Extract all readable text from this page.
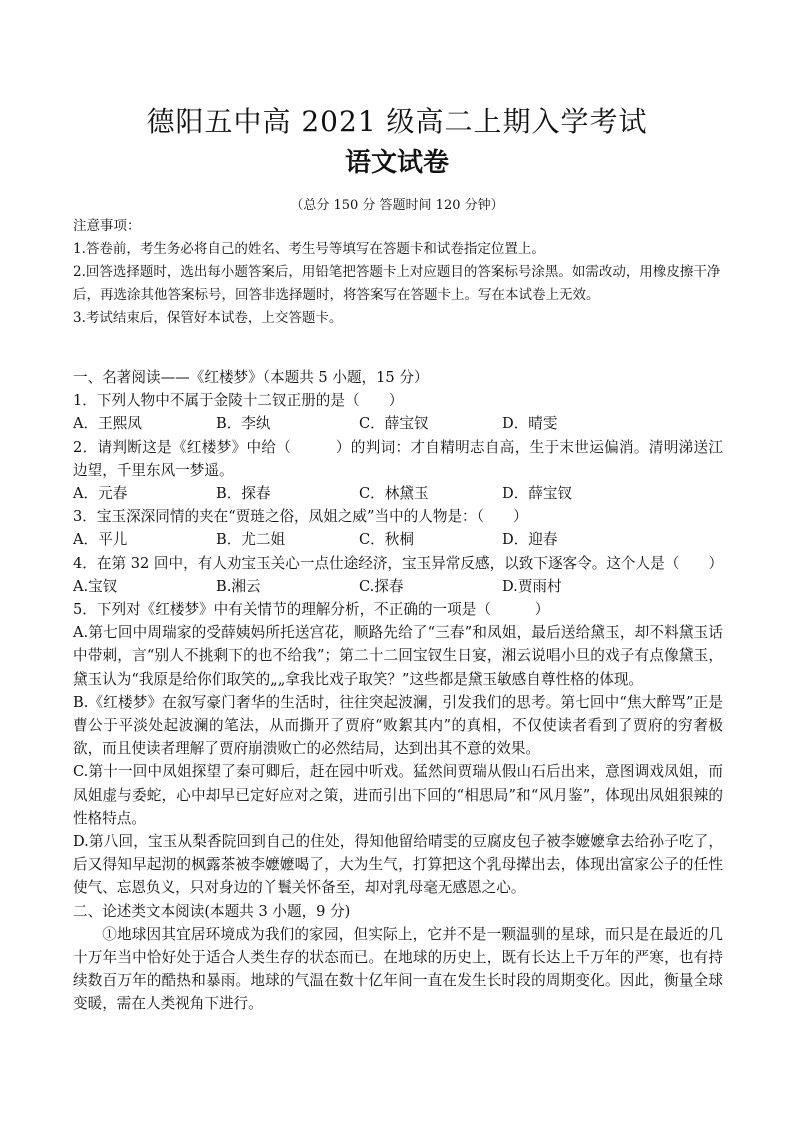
德阳五中高 2021 级高二上期入学考试
语文试卷
（总分 150 分 答题时间 120 分钟）
注意事项：
1.答卷前，考生务必将自己的姓名、考生号等填写在答题卡和试卷指定位置上。
2.回答选择题时，选出每小题答案后，用铅笔把答题卡上对应题目的答案标号涂黑。如需改动，用橡皮擦干净后，再选涂其他答案标号，回答非选择题时，将答案写在答题卡上。写在本试卷上无效。
3.考试结束后，保管好本试卷，上交答题卡。
一、名著阅读——《红楼梦》（本题共 5 小题，15 分）
1．下列人物中不属于金陵十二钗正册的是（　　）
A．王熙凤	B．李纨	C．薛宝钗	D．晴雯
2．请判断这是《红楼梦》中给（　　　）的判词：才自精明志自高，生于末世运偏消。清明涕送江边望，千里东风一梦遥。
A．元春	B．探春	C．林黛玉	D．薛宝钗
3．宝玉深深同情的夹在“贾琏之俗，凤姐之威”当中的人物是：（　　）
A．平儿	B．尤二姐	C．秋桐	D．迎春
4．在第 32 回中，有人劝宝玉关心一点仕途经济，宝玉异常反感，以致下逐客令。这个人是（　　）
A.宝钗	B.湘云	C.探春	D.贾雨村
5．下列对《红楼梦》中有关情节的理解分析，不正确的一项是（　　　）
A.第七回中周瑞家的受薛姨妈所托送宫花，顺路先给了“三春”和凤姐，最后送给黛玉，却不料黛玉话中带刺，言“别人不挑剩下的也不给我”；第二十二回宝钗生日宴，湘云说唱小旦的戏子有点像黛玉，黛玉认为“我原是给你们取笑的„„拿我比戏子取笑？”这些都是黛玉敏感自尊性格的体现。
B.《红楼梦》在叙写豪门奢华的生活时，往往突起波澜，引发我们的思考。第七回中“焦大醉骂”正是曹公于平淡处起波澜的笔法，从而撕开了贾府“败絮其内”的真相，不仅使读者看到了贾府的穷奢极欲，而且使读者理解了贾府崩溃败亡的必然结局，达到出其不意的效果。
C.第十一回中凤姐探望了秦可卿后，赶在园中听戏。猛然间贾瑞从假山石后出来，意图调戏凤姐，而凤姐虚与委蛇，心中却早已定好应对之策，进而引出下回的“相思局”和“风月鉴”，体现出凤姐狠辣的性格特点。
D.第八回，宝玉从梨香院回到自己的住处，得知他留给晴雯的豆腐皮包子被李嬷嬷拿去给孙子吃了，后又得知早起沏的枫露茶被李嬷嬷喝了，大为生气，打算把这个乳母撵出去，体现出富家公子的任性使气、忘恩负义，只对身边的丫鬟关怀备至，却对乳母毫无感恩之心。
二、论述类文本阅读(本题共 3 小题，9 分)
①地球因其宜居环境成为我们的家园，但实际上，它并不是一颗温驯的星球，而只是在最近的几十万年当中恰好处于适合人类生存的状态而已。在地球的历史上，既有长达上千万年的严寒，也有持续数百万年的酷热和暴雨。地球的气温在数十亿年间一直在发生长时段的周期变化。因此，衡量全球变暖，需在人类视角下进行。
